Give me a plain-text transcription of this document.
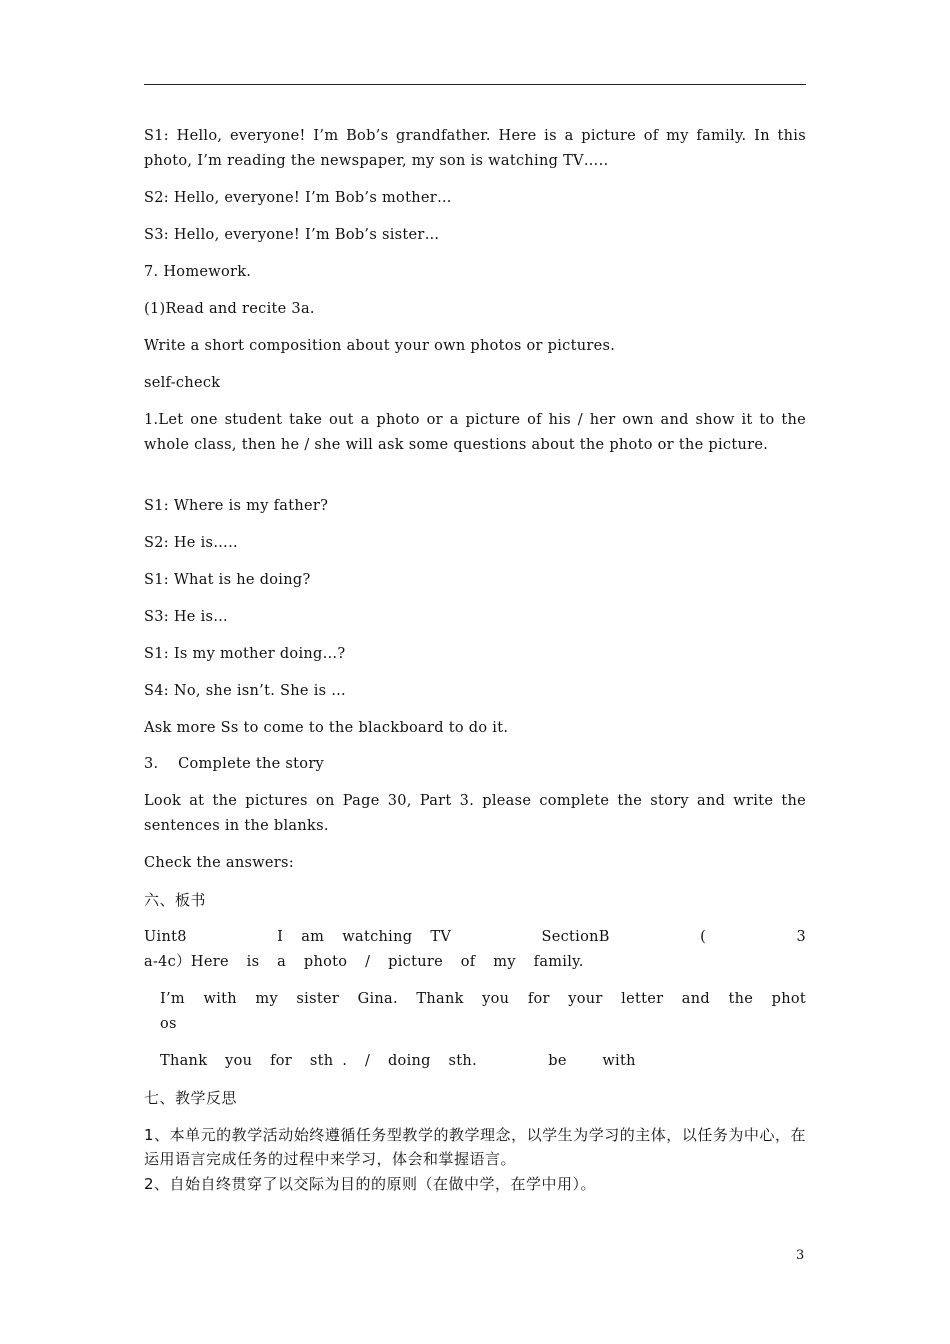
S1: Hello, everyone! I’m Bob’s grandfather. Here is a picture of my family. In this photo, I’m reading the newspaper, my son is watching TV…..

S2: Hello, everyone! I’m Bob’s mother…

S3: Hello, everyone! I’m Bob’s sister…

7. Homework.

(1)Read and recite 3a.

Write a short composition about your own photos or pictures.

self-check

1.Let one student take out a photo or a picture of his / her own and show it to the whole class, then he / she will ask some questions about the photo or the picture.

S1: Where is my father?

S2: He is…..

S1: What is he doing?

S3: He is…

S1: Is my mother doing…?

S4: No, she isn’t. She is …

Ask more Ss to come to the blackboard to do it.

3.    Complete the story

Look at the pictures on Page 30, Part 3. please complete the story and write the sentences in the blanks.

Check the answers:

六、板书

Uint8          I  am  watching  TV          SectionB          (          3a-4c）Here  is  a  photo  /  picture  of  my  family.

I’m  with  my  sister  Gina.  Thank  you  for  your  letter  and  the  photos

Thank  you  for  sth .  /  doing  sth.        be    with

七、教学反思

1、本单元的教学活动始终遵循任务型教学的教学理念，以学生为学习的主体，以任务为中心，在运用语言完成任务的过程中来学习，体会和掌握语言。

2、自始自终贯穿了以交际为目的的原则（在做中学，在学中用）。

3
